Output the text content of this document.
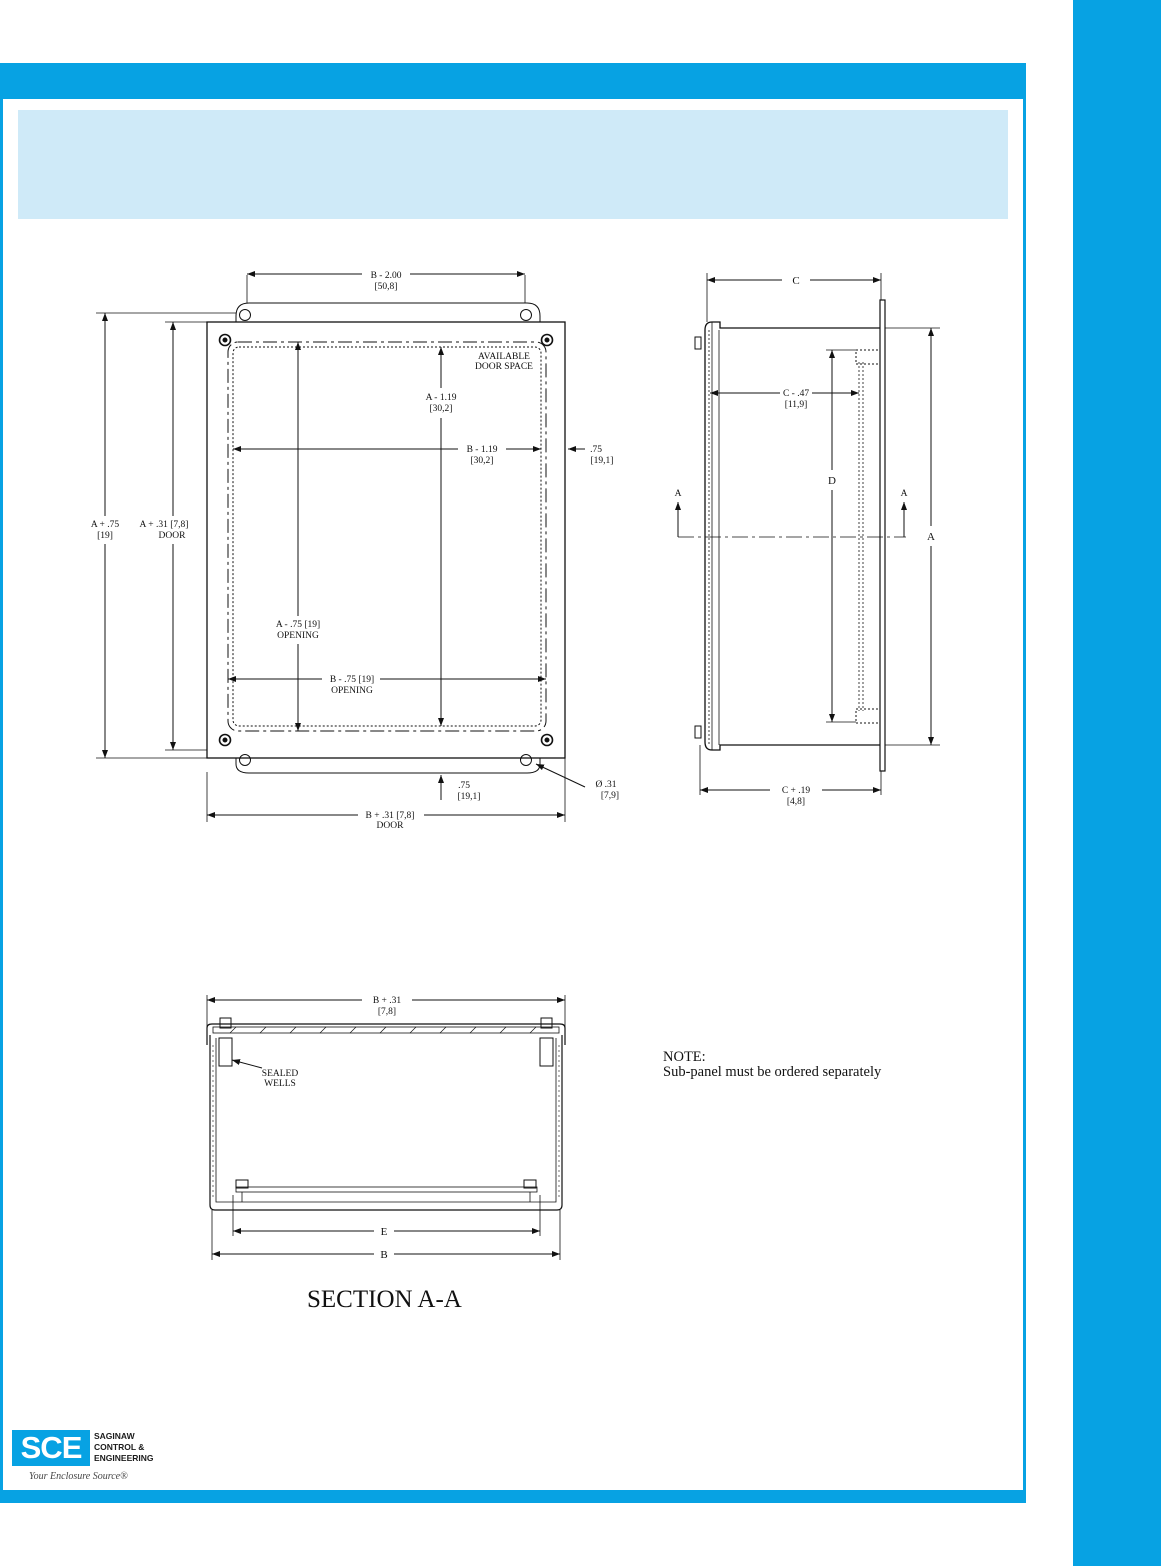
B - 2.00
[50,8]
AVAILABLE
DOOR SPACE
A - 1.19
[30,2]
B - 1.19
[30,2]
.75
[19,1]
A + .75
[19]
A + .31 [7,8]
DOOR
A - .75 [19]
OPENING
B - .75 [19]
OPENING
.75
[19,1]
Ø .31
[7,9]
B + .31 [7,8]
DOOR
C
C - .47
[11,9]
D
A	A
A
C + .19
[4,8]
B + .31
[7,8]
SEALED
WELLS
E
B
SECTION A-A
NOTE:
Sub-panel must be ordered separately
SCE	SAGINAW
CONTROL &
ENGINEERING
Your Enclosure Source®
